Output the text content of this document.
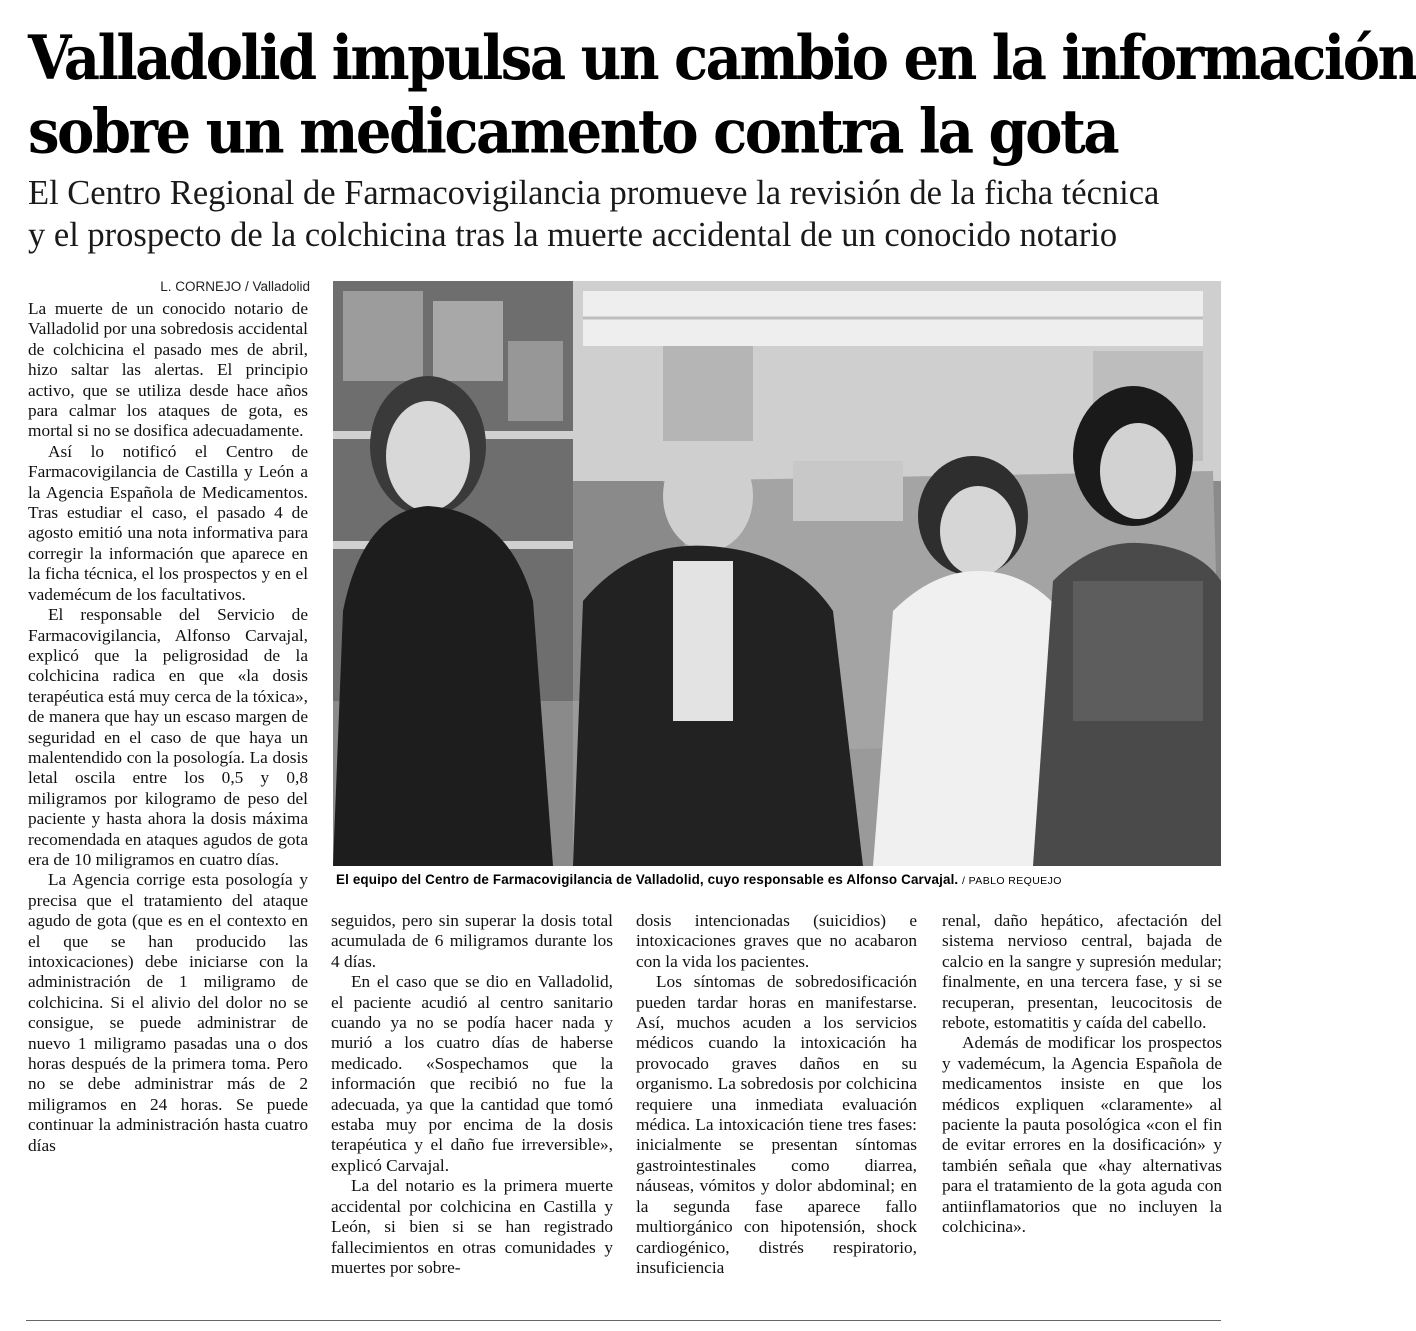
Valladolid impulsa un cambio en la información
sobre un medicamento contra la gota
El Centro Regional de Farmacovigilancia promueve la revisión de la ficha técnica
y el prospecto de la colchicina tras la muerte accidental de un conocido notario
L. CORNEJO / Valladolid

La muerte de un conocido notario de Valladolid por una sobredosis accidental de colchicina el pasado mes de abril, hizo saltar las alertas. El principio activo, que se utiliza desde hace años para calmar los ataques de gota, es mortal si no se dosifica adecuadamente.

Así lo notificó el Centro de Farmacovigilancia de Castilla y León a la Agencia Española de Medicamentos. Tras estudiar el caso, el pasado 4 de agosto emitió una nota informativa para corregir la información que aparece en la ficha técnica, el los prospectos y en el vademécum de los facultativos.

El responsable del Servicio de Farmacovigilancia, Alfonso Carvajal, explicó que la peligrosidad de la colchicina radica en que «la dosis terapéutica está muy cerca de la tóxica», de manera que hay un escaso margen de seguridad en el caso de que haya un malentendido con la posología. La dosis letal oscila entre los 0,5 y 0,8 miligramos por kilogramo de peso del paciente y hasta ahora la dosis máxima recomendada en ataques agudos de gota era de 10 miligramos en cuatro días.

La Agencia corrige esta posología y precisa que el tratamiento del ataque agudo de gota (que es en el contexto en el que se han producido las intoxicaciones) debe iniciarse con la administración de 1 miligramo de colchicina. Si el alivio del dolor no se consigue, se puede administrar de nuevo 1 miligramo pasadas una o dos horas después de la primera toma. Pero no se debe administrar más de 2 miligramos en 24 horas. Se puede continuar la administración hasta cuatro días

El equipo del Centro de Farmacovigilancia de Valladolid, cuyo responsable es Alfonso Carvajal. / PABLO REQUEJO

seguidos, pero sin superar la dosis total acumulada de 6 miligramos durante los 4 días.

En el caso que se dio en Valladolid, el paciente acudió al centro sanitario cuando ya no se podía hacer nada y murió a los cuatro días de haberse medicado. «Sospechamos que la información que recibió no fue la adecuada, ya que la cantidad que tomó estaba muy por encima de la dosis terapéutica y el daño fue irreversible», explicó Carvajal.

La del notario es la primera muerte accidental por colchicina en Castilla y León, si bien si se han registrado fallecimientos en otras comunidades y muertes por sobre-

dosis intencionadas (suicidios) e intoxicaciones graves que no acabaron con la vida los pacientes.

Los síntomas de sobredosificación pueden tardar horas en manifestarse. Así, muchos acuden a los servicios médicos cuando la intoxicación ha provocado graves daños en su organismo. La sobredosis por colchicina requiere una inmediata evaluación médica. La intoxicación tiene tres fases: inicialmente se presentan síntomas gastrointestinales como diarrea, náuseas, vómitos y dolor abdominal; en la segunda fase aparece fallo multiorgánico con hipotensión, shock cardiogénico, distrés respiratorio, insuficiencia

renal, daño hepático, afectación del sistema nervioso central, bajada de calcio en la sangre y supresión medular; finalmente, en una tercera fase, y si se recuperan, presentan, leucocitosis de rebote, estomatitis y caída del cabello.

Además de modificar los prospectos y vademécum, la Agencia Española de medicamentos insiste en que los médicos expliquen «claramente» al paciente la pauta posológica «con el fin de evitar errores en la dosificación» y también señala que «hay alternativas para el tratamiento de la gota aguda con antiinflamatorios que no incluyen la colchicina».
